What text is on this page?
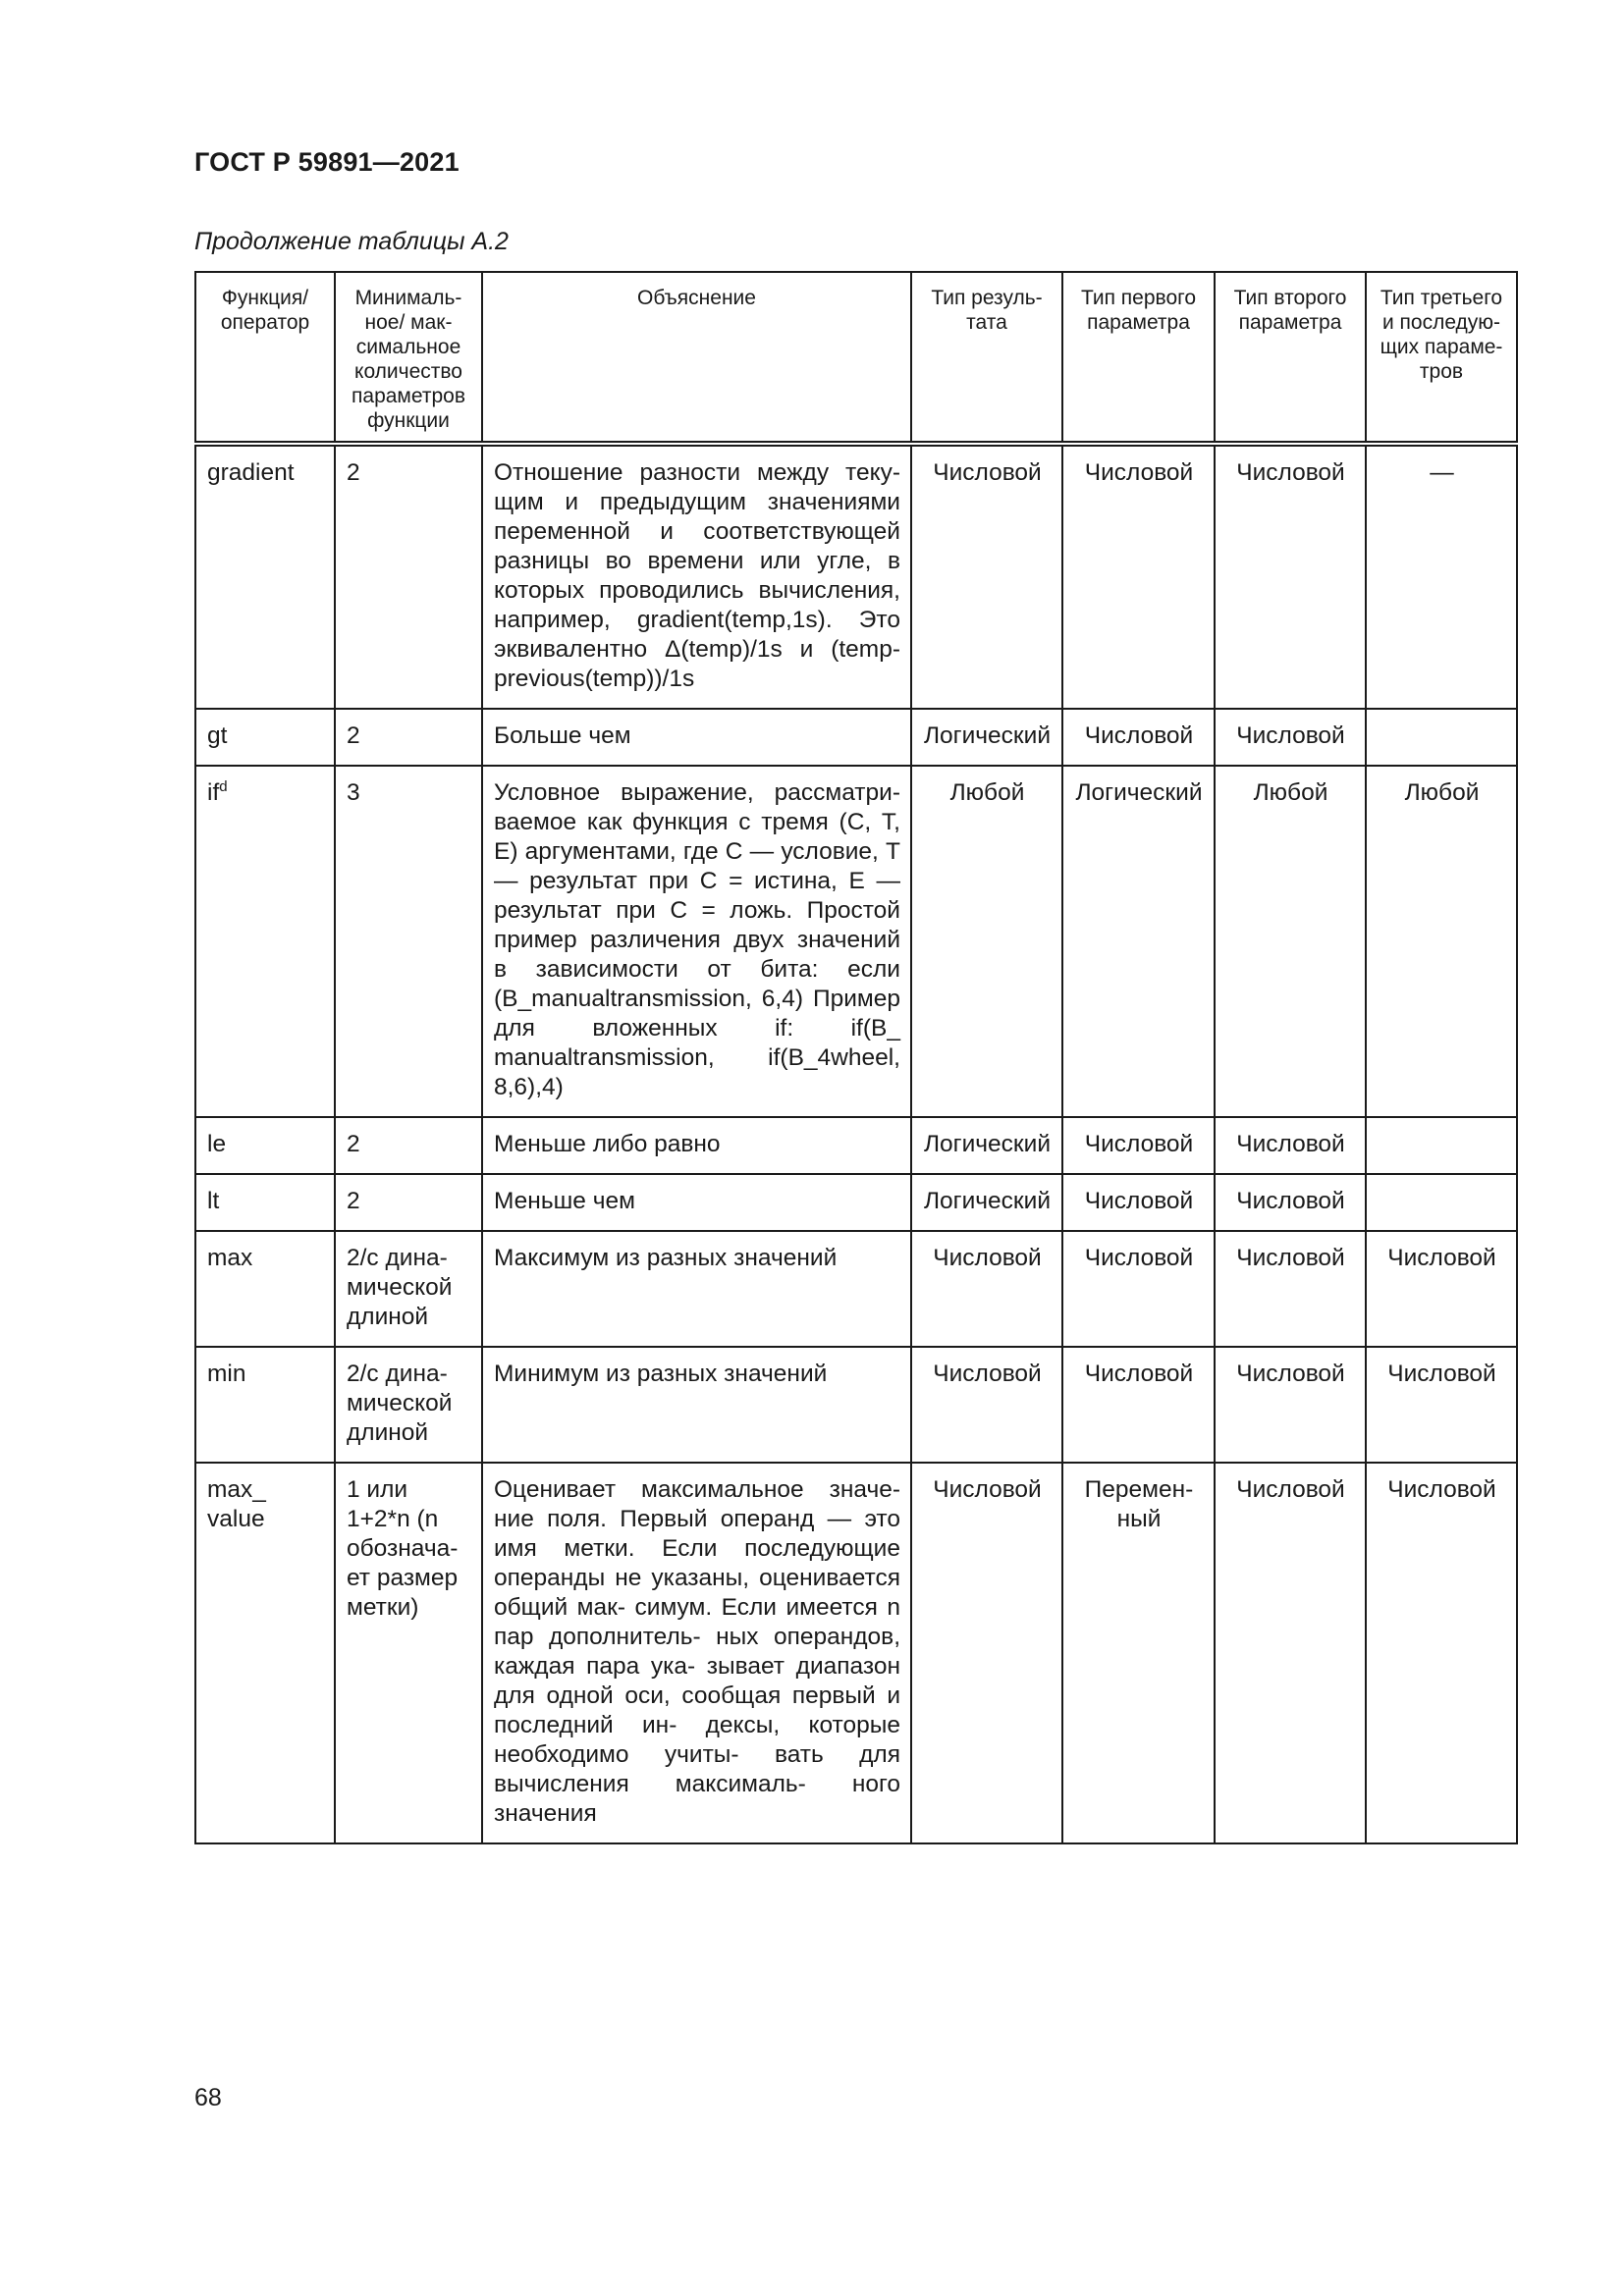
ГОСТ Р 59891—2021
Продолжение таблицы А.2
Функция/ оператор	Минималь- ное/ мак- симальное количество параметров функции	Объяснение	Тип резуль- тата	Тип первого параметра	Тип второго параметра	Тип третьего и последую- щих параме- тров
gradient	2	Отношение разности между теку- щим и предыдущим значениями переменной и соответствующей разницы во времени или угле, в которых проводились вычисления, например, gradient(temp,1s). Это эквивалентно Δ(temp)/1s и (temp-previous(temp))/1s	Числовой	Числовой	Числовой	—
gt	2	Больше чем	Логический	Числовой	Числовой	
$if^d$	3	Условное выражение, рассматри- ваемое как функция с тремя (С, Т, Е) аргументами, где С — условие, Т — результат при С = истина, Е — результат при С = ложь. Простой пример различения двух значений в зависимости от бита: если (B_manualtransmission, 6,4) Пример для вложенных if: if(B_ manualtransmission, if(B_4wheel, 8,6),4)	Любой	Логический	Любой	Любой
le	2	Меньше либо равно	Логический	Числовой	Числовой	
lt	2	Меньше чем	Логический	Числовой	Числовой	
max	2/с дина- мической длиной	Максимум из разных значений	Числовой	Числовой	Числовой	Числовой
min	2/с дина- мической длиной	Минимум из разных значений	Числовой	Числовой	Числовой	Числовой
max_ value	1 или 1+2*n (n обознача- ет размер метки)	Оценивает максимальное значе- ние поля. Первый операнд — это имя метки. Если последующие операнды не указаны, оценивается общий мак- симум. Если имеется n пар дополнитель- ных операндов, каждая пара ука- зывает диапазон для одной оси, сообщая первый и последний ин- дексы, которые необходимо учиты- вать для вычисления максималь- ного значения	Числовой	Перемен- ный	Числовой	Числовой
68
